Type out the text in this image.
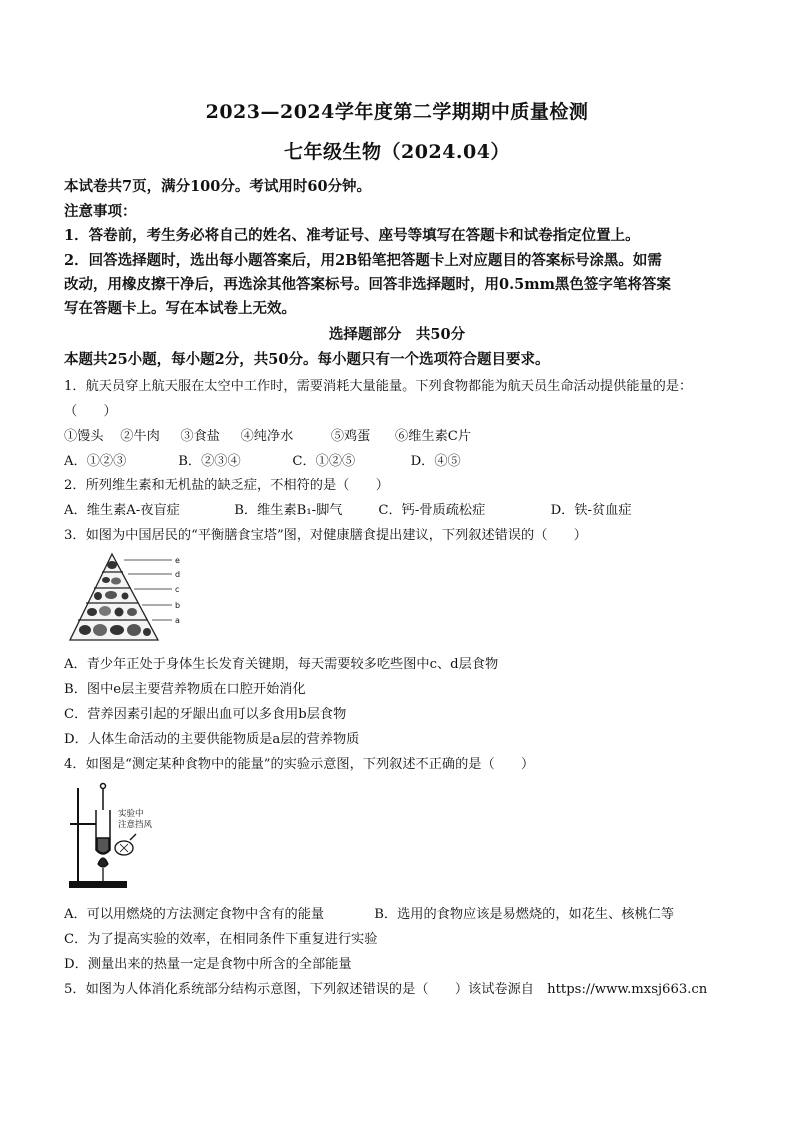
2023—2024学年度第二学期期中质量检测
七年级生物（2024.04）
本试卷共7页，满分100分。考试用时60分钟。
注意事项：
1．答卷前，考生务必将自己的姓名、准考证号、座号等填写在答题卡和试卷指定位置上。
2．回答选择题时，选出每小题答案后，用2B铅笔把答题卡上对应题目的答案标号涂黑。如需
改动，用橡皮擦干净后，再选涂其他答案标号。回答非选择题时，用0.5mm黑色签字笔将答案
写在答题卡上。写在本试卷上无效。
选择题部分　共50分
本题共25小题，每小题2分，共50分。每小题只有一个选项符合题目要求。
1．航天员穿上航天服在太空中工作时，需要消耗大量能量。下列食物都能为航天员生命活动提供能量的是：
（　　）
①馒头 ②牛肉 ③食盐 ④纯净水	⑤鸡蛋 ⑥维生素C片
A．①②③	B．②③④	C．①②⑤	D．④⑤
2．所列维生素和无机盐的缺乏症，不相符的是（　　）
A．维生素A-夜盲症	B．维生素B₁-脚气	C．钙-骨质疏松症	D．铁-贫血症
3．如图为中国居民的“平衡膳食宝塔”图，对健康膳食提出建议，下列叙述错误的（　　）
e
d
c
b
a
A．青少年正处于身体生长发育关键期，每天需要较多吃些图中c、d层食物
B．图中e层主要营养物质在口腔开始消化
C．营养因素引起的牙龈出血可以多食用b层食物
D．人体生命活动的主要供能物质是a层的营养物质
4．如图是“测定某种食物中的能量”的实验示意图，下列叙述不正确的是（　　）
实验中
注意挡风
A．可以用燃烧的方法测定食物中含有的能量	B．选用的食物应该是易燃烧的，如花生、核桃仁等
C．为了提高实验的效率，在相同条件下重复进行实验
D．测量出来的热量一定是食物中所含的全部能量
5．如图为人体消化系统部分结构示意图，下列叙述错误的是（　　）该试卷源自　https://www.mxsj663.cn
